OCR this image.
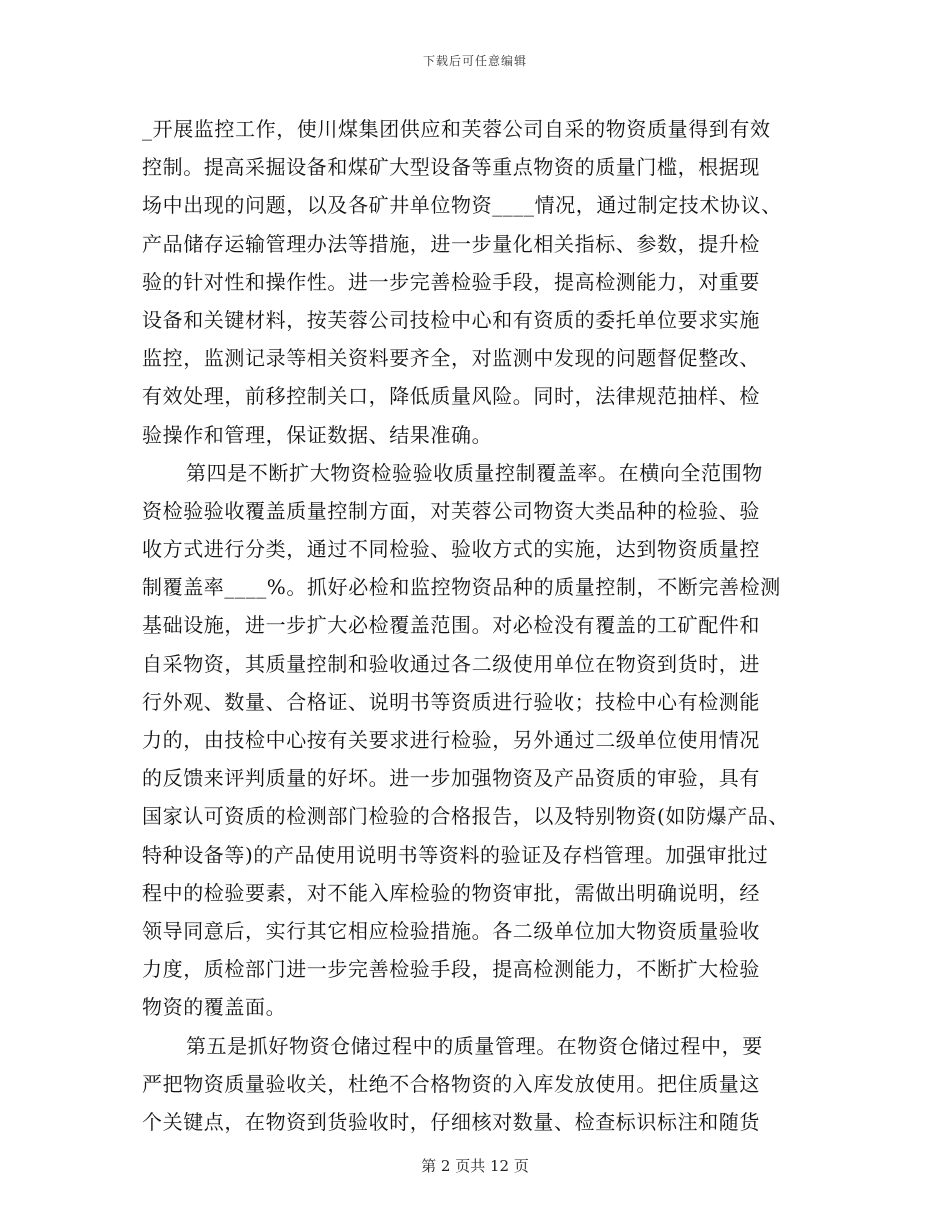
下载后可任意编辑
_开展监控工作，使川煤集团供应和芙蓉公司自采的物资质量得到有效
控制。提高采掘设备和煤矿大型设备等重点物资的质量门槛，根据现
场中出现的问题，以及各矿井单位物资____情况，通过制定技术协议、
产品储存运输管理办法等措施，进一步量化相关指标、参数，提升检
验的针对性和操作性。进一步完善检验手段，提高检测能力，对重要
设备和关键材料，按芙蓉公司技检中心和有资质的委托单位要求实施
监控，监测记录等相关资料要齐全，对监测中发现的问题督促整改、
有效处理，前移控制关口，降低质量风险。同时，法律规范抽样、检
验操作和管理，保证数据、结果准确。
第四是不断扩大物资检验验收质量控制覆盖率。在横向全范围物
资检验验收覆盖质量控制方面，对芙蓉公司物资大类品种的检验、验
收方式进行分类，通过不同检验、验收方式的实施，达到物资质量控
制覆盖率____%。抓好必检和监控物资品种的质量控制，不断完善检测
基础设施，进一步扩大必检覆盖范围。对必检没有覆盖的工矿配件和
自采物资，其质量控制和验收通过各二级使用单位在物资到货时，进
行外观、数量、合格证、说明书等资质进行验收；技检中心有检测能
力的，由技检中心按有关要求进行检验，另外通过二级单位使用情况
的反馈来评判质量的好坏。进一步加强物资及产品资质的审验，具有
国家认可资质的检测部门检验的合格报告，以及特别物资(如防爆产品、
特种设备等)的产品使用说明书等资料的验证及存档管理。加强审批过
程中的检验要素，对不能入库检验的物资审批，需做出明确说明，经
领导同意后，实行其它相应检验措施。各二级单位加大物资质量验收
力度，质检部门进一步完善检验手段，提高检测能力，不断扩大检验
物资的覆盖面。
第五是抓好物资仓储过程中的质量管理。在物资仓储过程中，要
严把物资质量验收关，杜绝不合格物资的入库发放使用。把住质量这
个关键点，在物资到货验收时，仔细核对数量、检查标识标注和随货
第 2 页共 12 页
